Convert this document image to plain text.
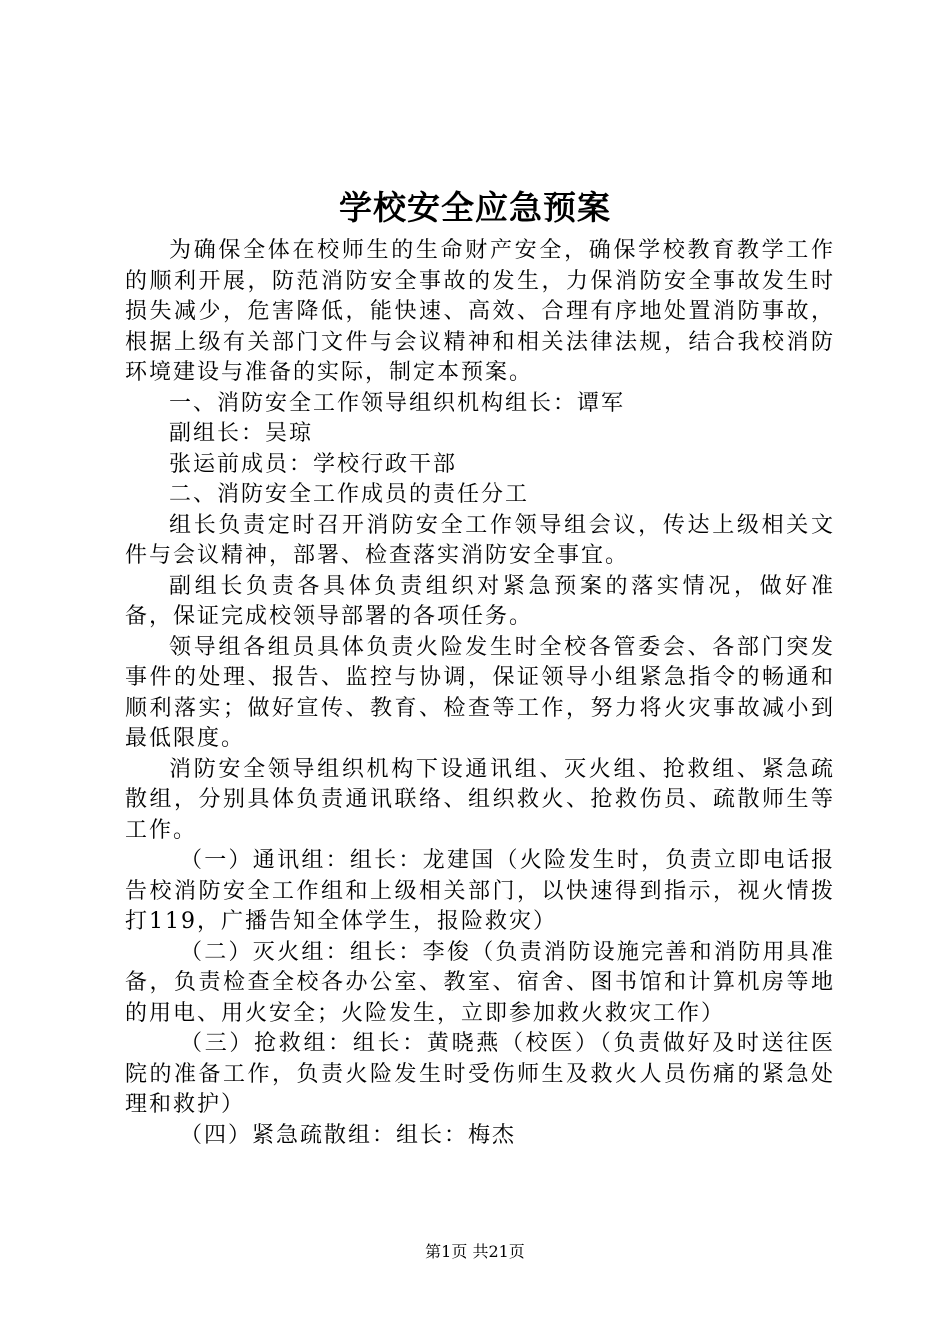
学校安全应急预案

为确保全体在校师生的生命财产安全，确保学校教育教学工作的顺利开展，防范消防安全事故的发生，力保消防安全事故发生时损失减少，危害降低，能快速、高效、合理有序地处置消防事故，根据上级有关部门文件与会议精神和相关法律法规，结合我校消防环境建设与准备的实际，制定本预案。

一、消防安全工作领导组织机构组长：谭军

副组长：吴琼

张运前成员：学校行政干部

二、消防安全工作成员的责任分工

组长负责定时召开消防安全工作领导组会议，传达上级相关文件与会议精神，部署、检查落实消防安全事宜。

副组长负责各具体负责组织对紧急预案的落实情况，做好准备，保证完成校领导部署的各项任务。

领导组各组员具体负责火险发生时全校各管委会、各部门突发事件的处理、报告、监控与协调，保证领导小组紧急指令的畅通和顺利落实；做好宣传、教育、检查等工作，努力将火灾事故减小到最低限度。

消防安全领导组织机构下设通讯组、灭火组、抢救组、紧急疏散组，分别具体负责通讯联络、组织救火、抢救伤员、疏散师生等工作。

（一）通讯组：组长：龙建国（火险发生时，负责立即电话报告校消防安全工作组和上级相关部门，以快速得到指示，视火情拨打119，广播告知全体学生，报险救灾）

（二）灭火组：组长：李俊（负责消防设施完善和消防用具准备，负责检查全校各办公室、教室、宿舍、图书馆和计算机房等地的用电、用火安全；火险发生，立即参加救火救灾工作）

（三）抢救组：组长：黄晓燕（校医）（负责做好及时送往医院的准备工作，负责火险发生时受伤师生及救火人员伤痛的紧急处理和救护）

（四）紧急疏散组：组长：梅杰

第1页 共21页
